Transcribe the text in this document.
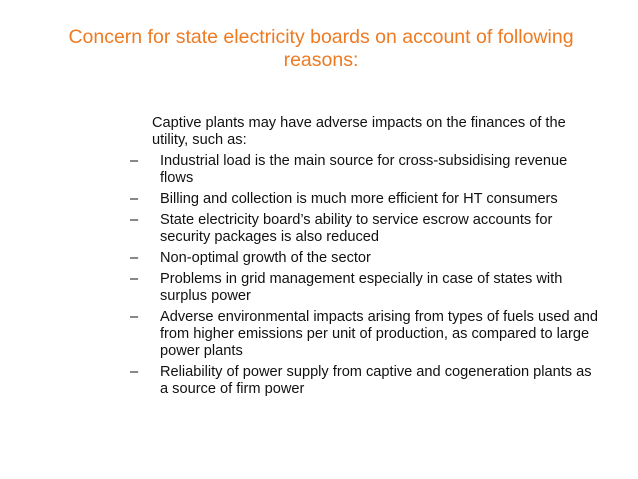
Concern for state electricity boards on account of following reasons:

Captive plants may have adverse impacts on the finances of the utility, such as:

–	Industrial load is the main source for cross-subsidising revenue flows
–	Billing and collection is much more efficient for HT consumers
–	State electricity board’s ability to service escrow accounts for security packages is also reduced
–	Non-optimal growth of the sector
–	Problems in grid management especially in case of states with surplus power
–	Adverse environmental impacts arising from types of fuels used and from higher emissions per unit of production, as compared to large power plants
–	Reliability of power supply from captive and cogeneration plants as a source of firm power
